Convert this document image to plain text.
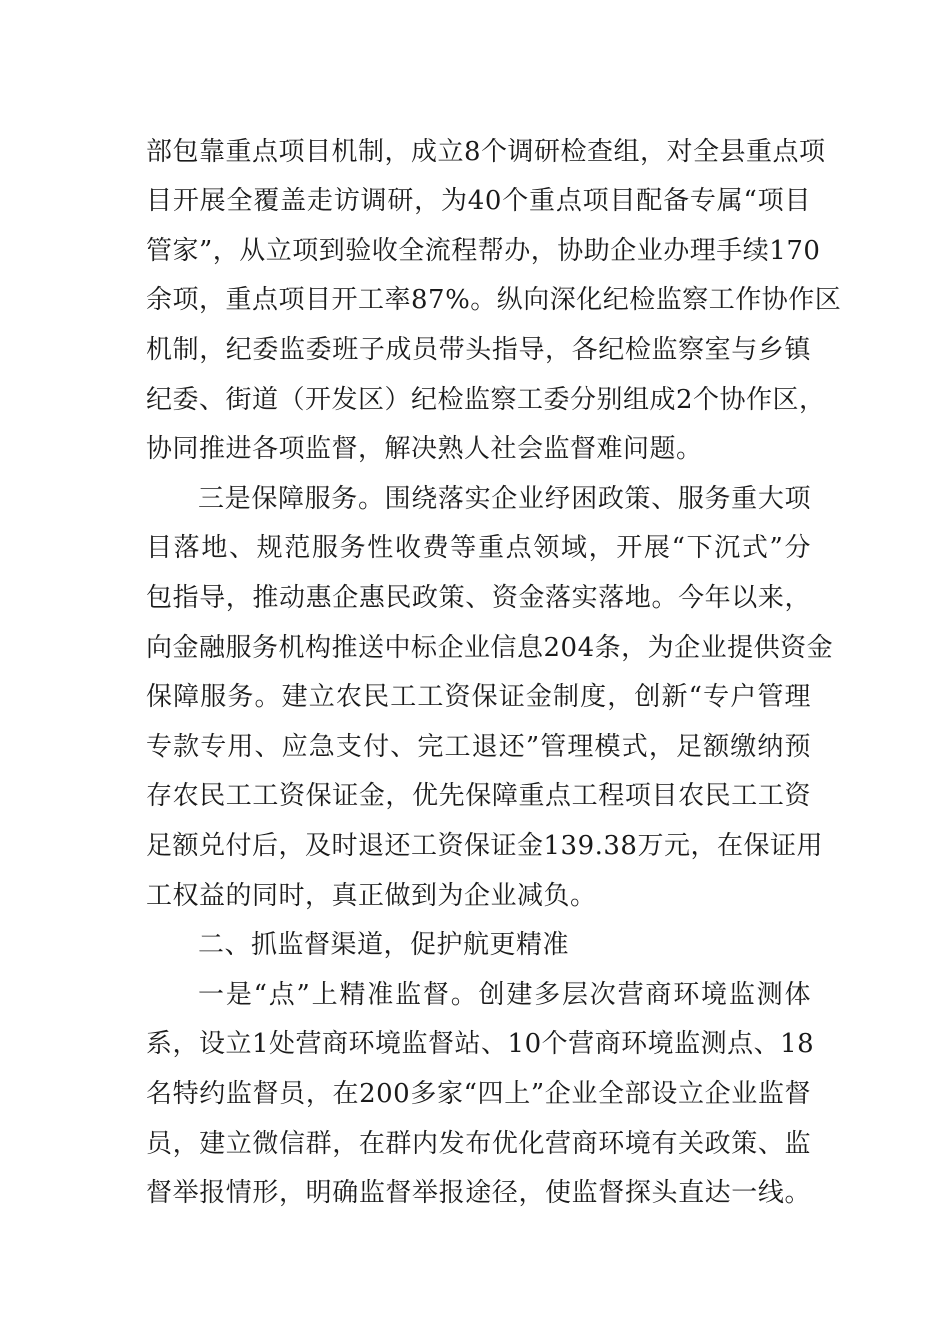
部包靠重点项目机制，成立8个调研检查组，对全县重点项
目开展全覆盖走访调研，为40个重点项目配备专属“项目
管家”，从立项到验收全流程帮办，协助企业办理手续170
余项，重点项目开工率87%。纵向深化纪检监察工作协作区
机制，纪委监委班子成员带头指导，各纪检监察室与乡镇
纪委、街道（开发区）纪检监察工委分别组成2个协作区，
协同推进各项监督，解决熟人社会监督难问题。
三是保障服务。围绕落实企业纾困政策、服务重大项
目落地、规范服务性收费等重点领域，开展“下沉式”分
包指导，推动惠企惠民政策、资金落实落地。今年以来，
向金融服务机构推送中标企业信息204条，为企业提供资金
保障服务。建立农民工工资保证金制度，创新“专户管理
专款专用、应急支付、完工退还”管理模式，足额缴纳预
存农民工工资保证金，优先保障重点工程项目农民工工资
足额兑付后，及时退还工资保证金139.38万元，在保证用
工权益的同时，真正做到为企业减负。
二、抓监督渠道，促护航更精准
一是“点”上精准监督。创建多层次营商环境监测体
系，设立1处营商环境监督站、10个营商环境监测点、18
名特约监督员，在200多家“四上”企业全部设立企业监督
员，建立微信群，在群内发布优化营商环境有关政策、监
督举报情形，明确监督举报途径，使监督探头直达一线。
